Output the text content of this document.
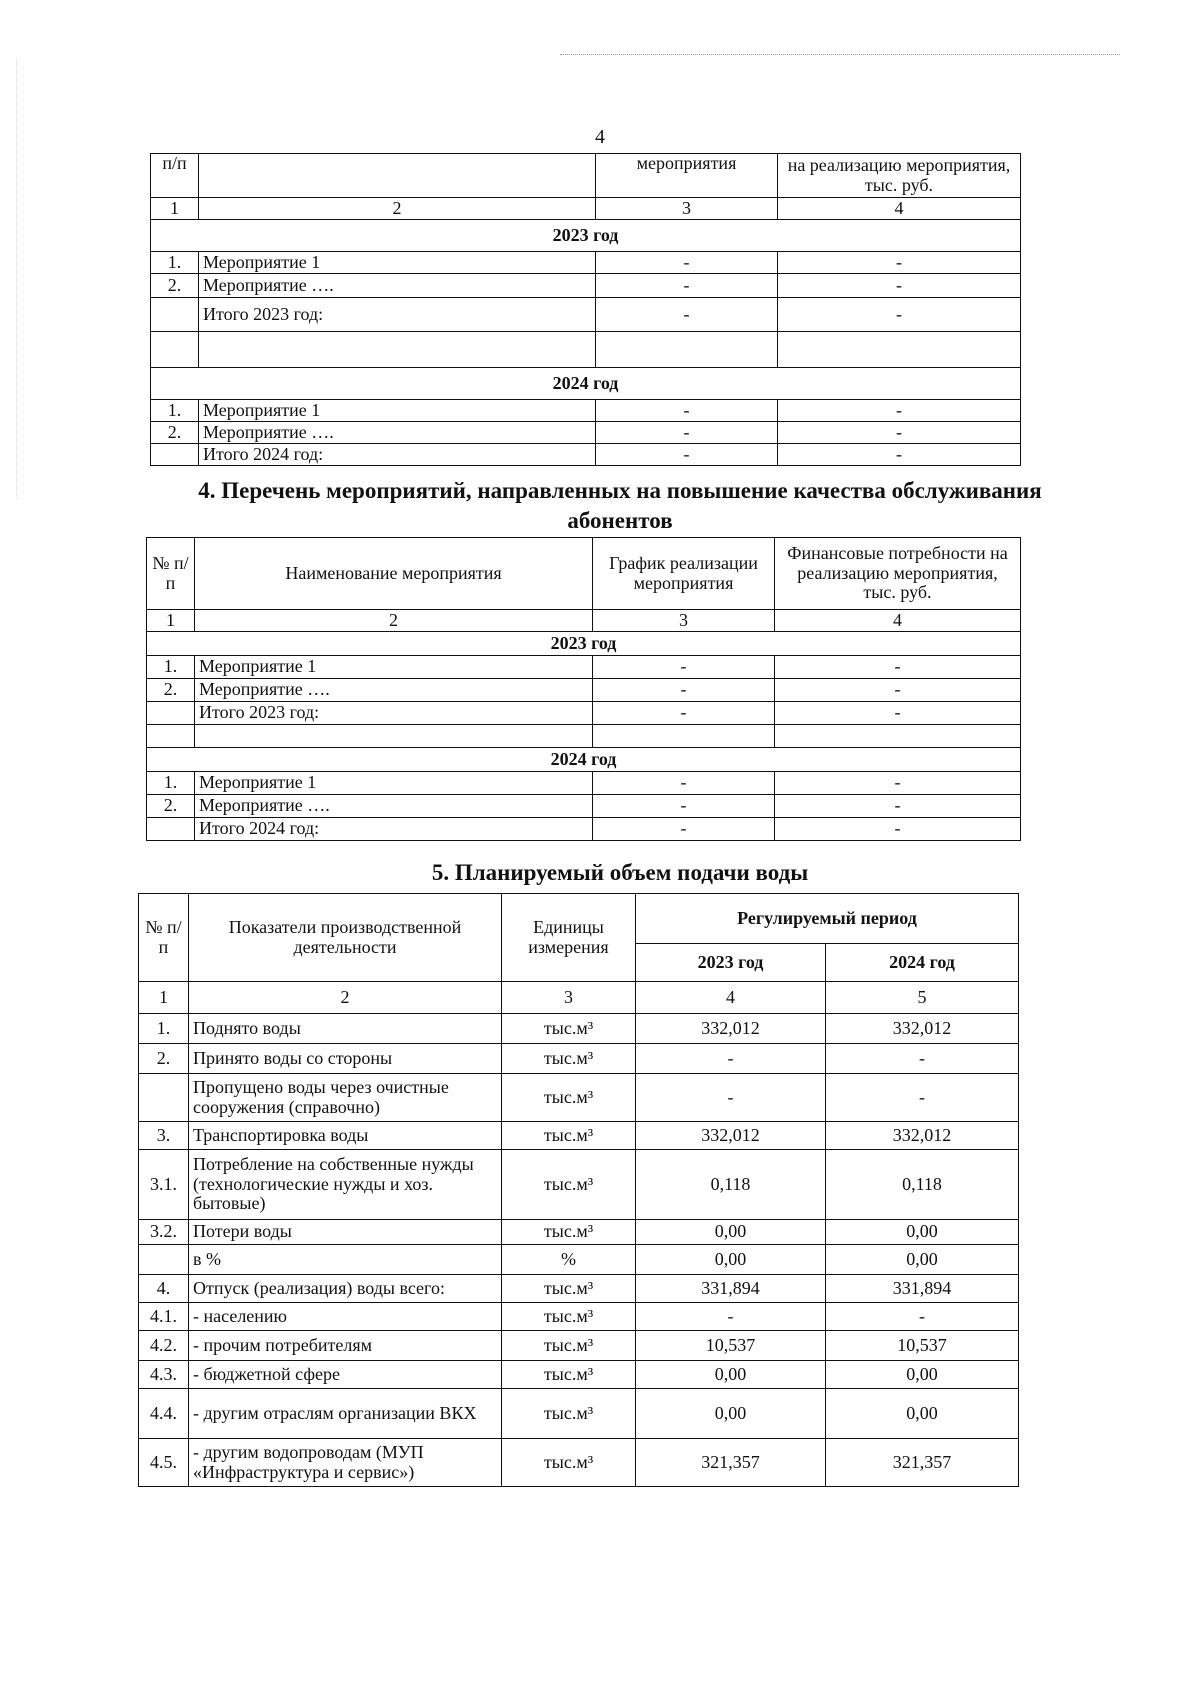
4
п/п		мероприятия	на реализацию мероприятия, тыс. руб.
1	2	3	4
2023 год			
1.	Мероприятие 1	-	-
2.	Мероприятие ….	-	-
	Итого 2023 год:	-	-

2024 год			
1.	Мероприятие 1	-	-
2.	Мероприятие ….	-	-
	Итого 2024 год:	-	-
4. Перечень мероприятий, направленных на повышение качества обслуживания абонентов
№ п/п	Наименование мероприятия	График реализации мероприятия	Финансовые потребности на реализацию мероприятия, тыс. руб.
1	2	3	4
2023 год			
1.	Мероприятие 1	-	-
2.	Мероприятие ….	-	-
	Итого 2023 год:	-	-

2024 год			
1.	Мероприятие 1	-	-
2.	Мероприятие ….	-	-
	Итого 2024 год:	-	-
5. Планируемый объем подачи воды
№ п/п	Показатели производственной деятельности	Единицы измерения	Регулируемый период	
			2023 год	2024 год
1	2	3	4	5
1.	Поднято воды	тыс.м³	332,012	332,012
2.	Принято воды со стороны	тыс.м³	-	-
	Пропущено воды через очистные сооружения (справочно)	тыс.м³	-	-
3.	Транспортировка воды	тыс.м³	332,012	332,012
3.1.	Потребление на собственные нужды (технологические нужды и хоз. бытовые)	тыс.м³	0,118	0,118
3.2.	Потери воды	тыс.м³	0,00	0,00
	в %	%	0,00	0,00
4.	Отпуск (реализация) воды всего:	тыс.м³	331,894	331,894
4.1.	- населению	тыс.м³	-	-
4.2.	- прочим потребителям	тыс.м³	10,537	10,537
4.3.	- бюджетной сфере	тыс.м³	0,00	0,00
4.4.	- другим отраслям организации ВКХ	тыс.м³	0,00	0,00
4.5.	- другим водопроводам (МУП «Инфраструктура и сервис»)	тыс.м³	321,357	321,357
